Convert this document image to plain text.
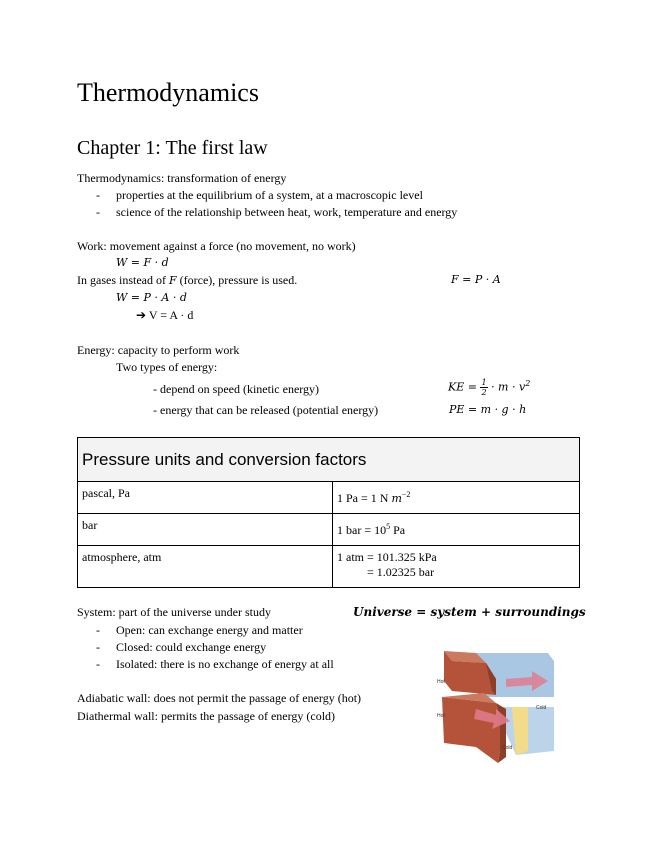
Thermodynamics
Chapter 1: The first law
Thermodynamics: transformation of energy
- properties at the equilibrium of a system, at a macroscopic level
- science of the relationship between heat, work, temperature and energy
Work: movement against a force (no movement, no work)
W = F · d
In gases instead of F (force), pressure is used.	F = P · A
W = P · A · d
➔ V = A · d
Energy: capacity to perform work
Two types of energy:
- depend on speed (kinetic energy)	KE = $\frac{1}{2} \cdot m \cdot v^2$
- energy that can be released (potential energy)	PE = m · g · h
Pressure units and conversion factors	
pascal, Pa	1 Pa = 1 N $m^{-2}$
bar	1 bar = $10^5$ Pa
atmosphere, atm	1 atm = 101.325 kPa
= 1.02325 bar
System: part of the universe under study	Universe = system + surroundings
- Open: can exchange energy and matter
- Closed: could exchange energy
- Isolated: there is no exchange of energy at all
Adiabatic wall: does not permit the passage of energy (hot)
Diathermal wall: permits the passage of energy (cold)
Hot
Cold
Hot
Cold
